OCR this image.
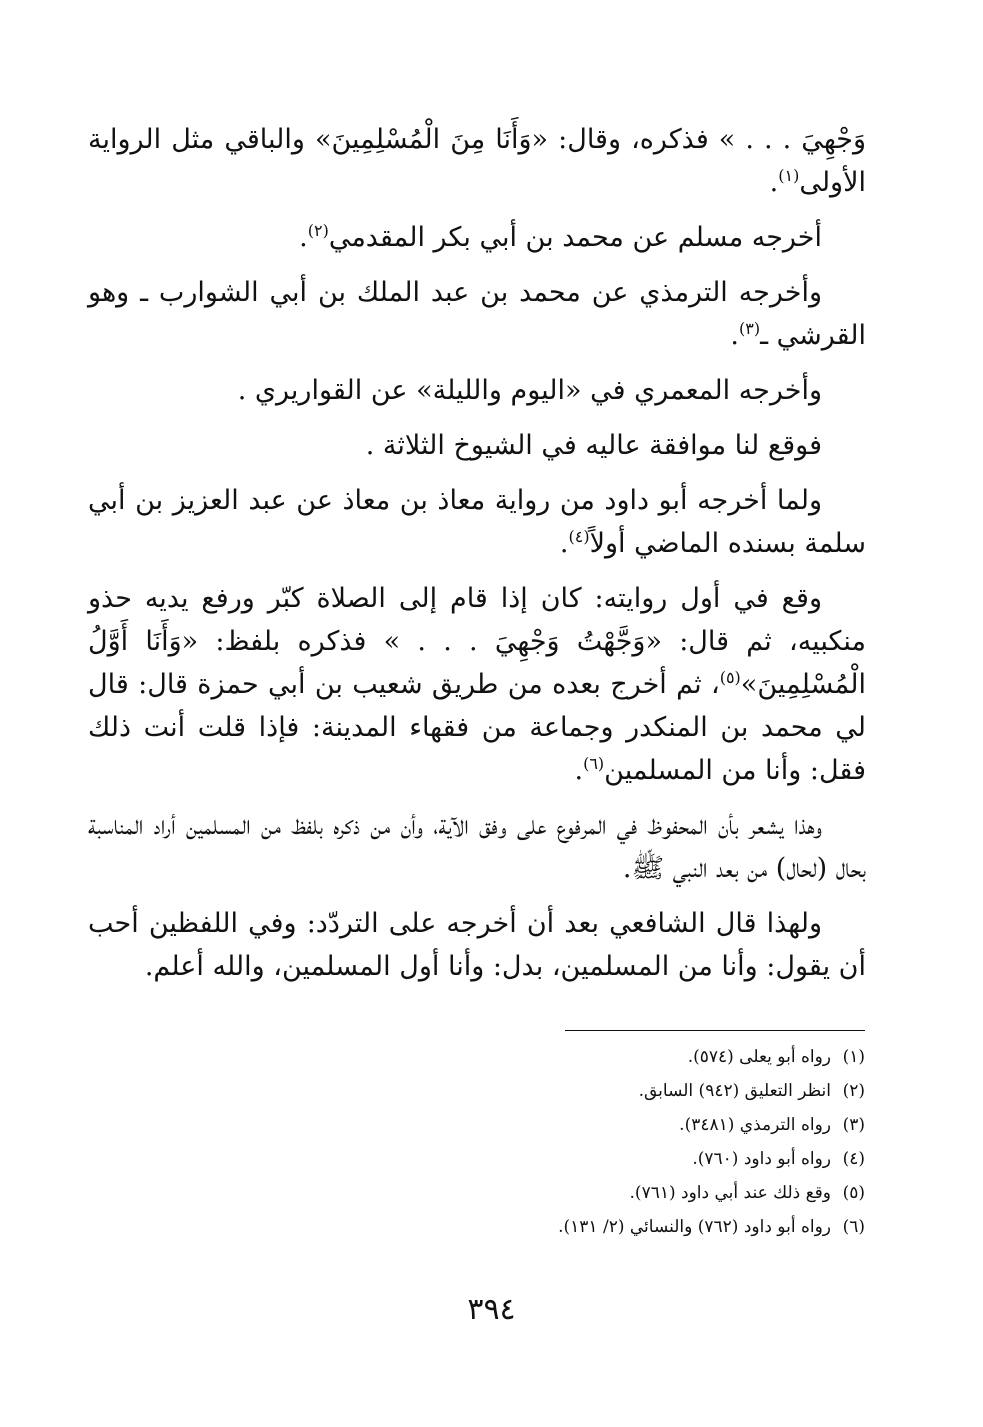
وَجْهِيَ . . . » فذكره، وقال: «وَأَنَا مِنَ الْمُسْلِمِينَ» والباقي مثل الرواية الأولى$^{(١)}$.

أخرجه مسلم عن محمد بن أبي بكر المقدمي$^{(٢)}$.

وأخرجه الترمذي عن محمد بن عبد الملك بن أبي الشوارب ـ وهو القرشي ـ$^{(٣)}$.

وأخرجه المعمري في «اليوم والليلة» عن القواريري .

فوقع لنا موافقة عاليه في الشيوخ الثلاثة .

ولما أخرجه أبو داود من رواية معاذ بن معاذ عن عبد العزيز بن أبي سلمة بسنده الماضي أولاً$^{(٤)}$.

وقع في أول روايته: كان إذا قام إلى الصلاة كبّر ورفع يديه حذو منكبيه، ثم قال: «وَجَّهْتُ وَجْهِيَ . . . » فذكره بلفظ: «وَأَنَا أَوَّلُ الْمُسْلِمِينَ»$^{(٥)}$، ثم أخرج بعده من طريق شعيب بن أبي حمزة قال: قال لي محمد بن المنكدر وجماعة من فقهاء المدينة: فإذا قلت أنت ذلك فقل: وأنا من المسلمين$^{(٦)}$.

وهذا يشعر بأن المحفوظ في المرفوع على وفق الآية، وأن من ذكره بلفظ من المسلمين أراد المناسبة بحال (لحال) من بعد النبي ﷺ.

ولهذا قال الشافعي بعد أن أخرجه على التردّد: وفي اللفظين أحب أن يقول: وأنا من المسلمين، بدل: وأنا أول المسلمين، والله أعلم.

(١)رواه أبو يعلى (٥٧٤).

(٢)انظر التعليق (٩٤٢) السابق.

(٣)رواه الترمذي (٣٤٨١).

(٤)رواه أبو داود (٧٦٠).

(٥)وقع ذلك عند أبي داود (٧٦١).

(٦)رواه أبو داود (٧٦٢) والنسائي (٢/ ١٣١).

٣٩٤
